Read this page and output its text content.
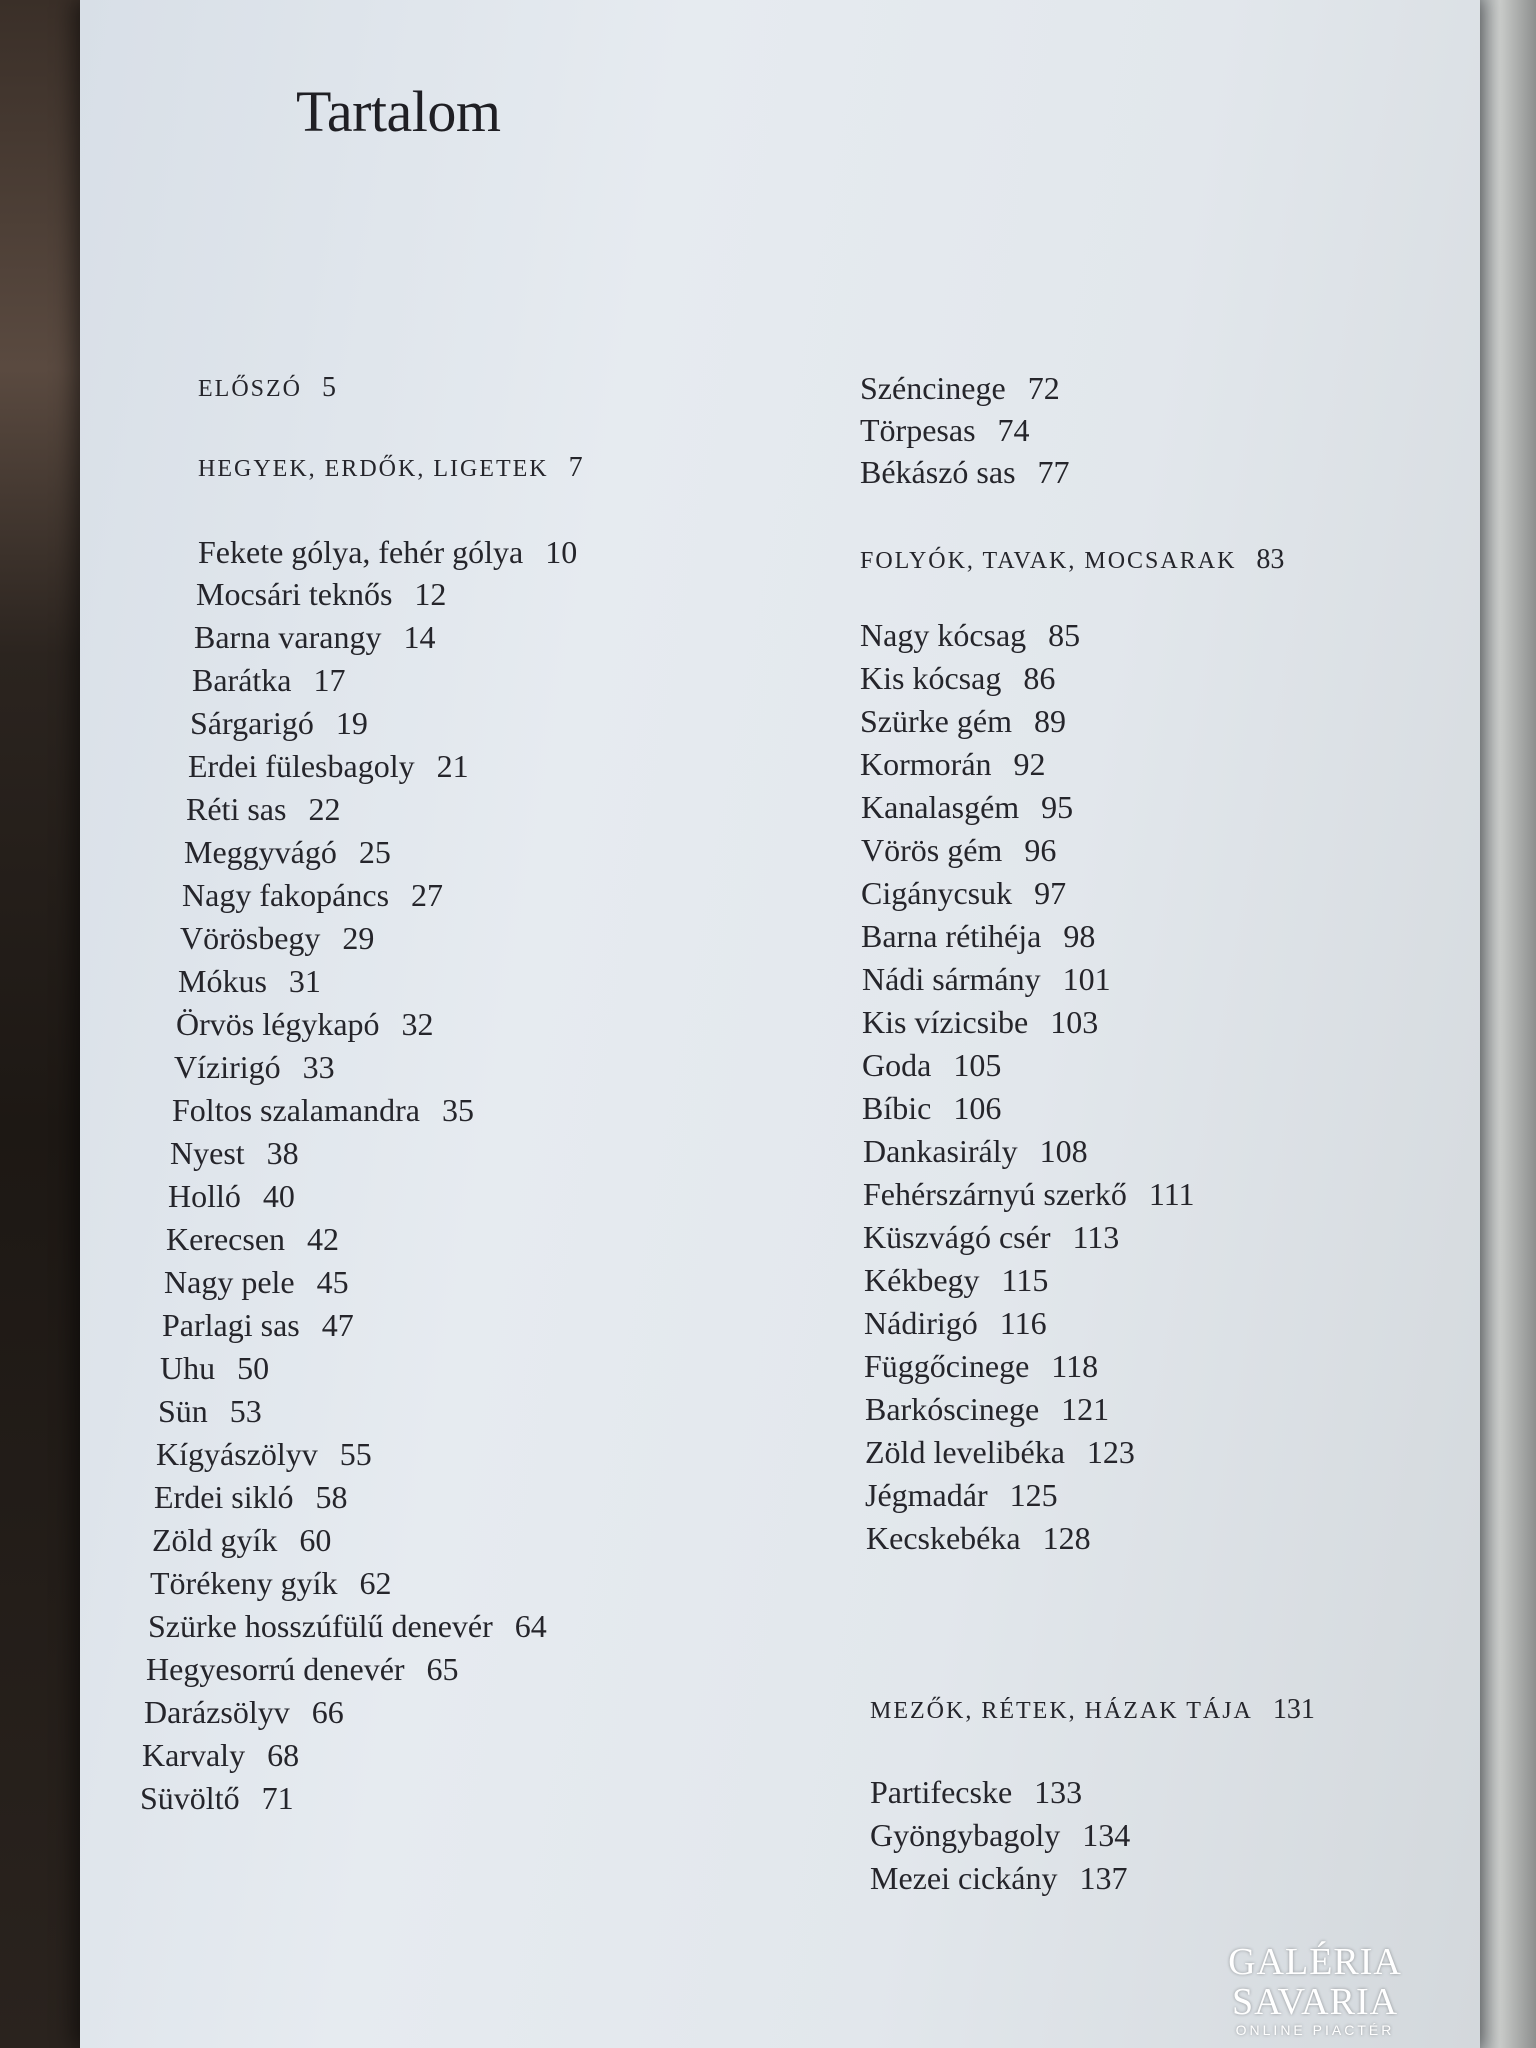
Tartalom
ELŐSZÓ 5
HEGYEK, ERDŐK, LIGETEK 7
Fekete gólya, fehér gólya 10
Mocsári teknős 12
Barna varangy 14
Barátka 17
Sárgarigó 19
Erdei fülesbagoly 21
Réti sas 22
Meggyvágó 25
Nagy fakopáncs 27
Vörösbegy 29
Mókus 31
Örvös légykapó 32
Vízirigó 33
Foltos szalamandra 35
Nyest 38
Holló 40
Kerecsen 42
Nagy pele 45
Parlagi sas 47
Uhu 50
Sün 53
Kígyászölyv 55
Erdei sikló 58
Zöld gyík 60
Törékeny gyík 62
Szürke hosszúfülű denevér 64
Hegyesorrú denevér 65
Darázsölyv 66
Karvaly 68
Süvöltő 71
Széncinege 72
Törpesas 74
Békászó sas 77
FOLYÓK, TAVAK, MOCSARAK 83
Nagy kócsag 85
Kis kócsag 86
Szürke gém 89
Kormorán 92
Kanalasgém 95
Vörös gém 96
Cigánycsuk 97
Barna rétihéja 98
Nádi sármány 101
Kis vízicsibe 103
Goda 105
Bíbic 106
Dankasirály 108
Fehérszárnyú szerkő 111
Küszvágó csér 113
Kékbegy 115
Nádirigó 116
Függőcinege 118
Barkóscinege 121
Zöld levelibéka 123
Jégmadár 125
Kecskebéka 128
MEZŐK, RÉTEK, HÁZAK TÁJA 131
Partifecske 133
Gyöngybagoly 134
Mezei cickány 137
GALÉRIA SAVARIA
ONLINE PIACTÉR
